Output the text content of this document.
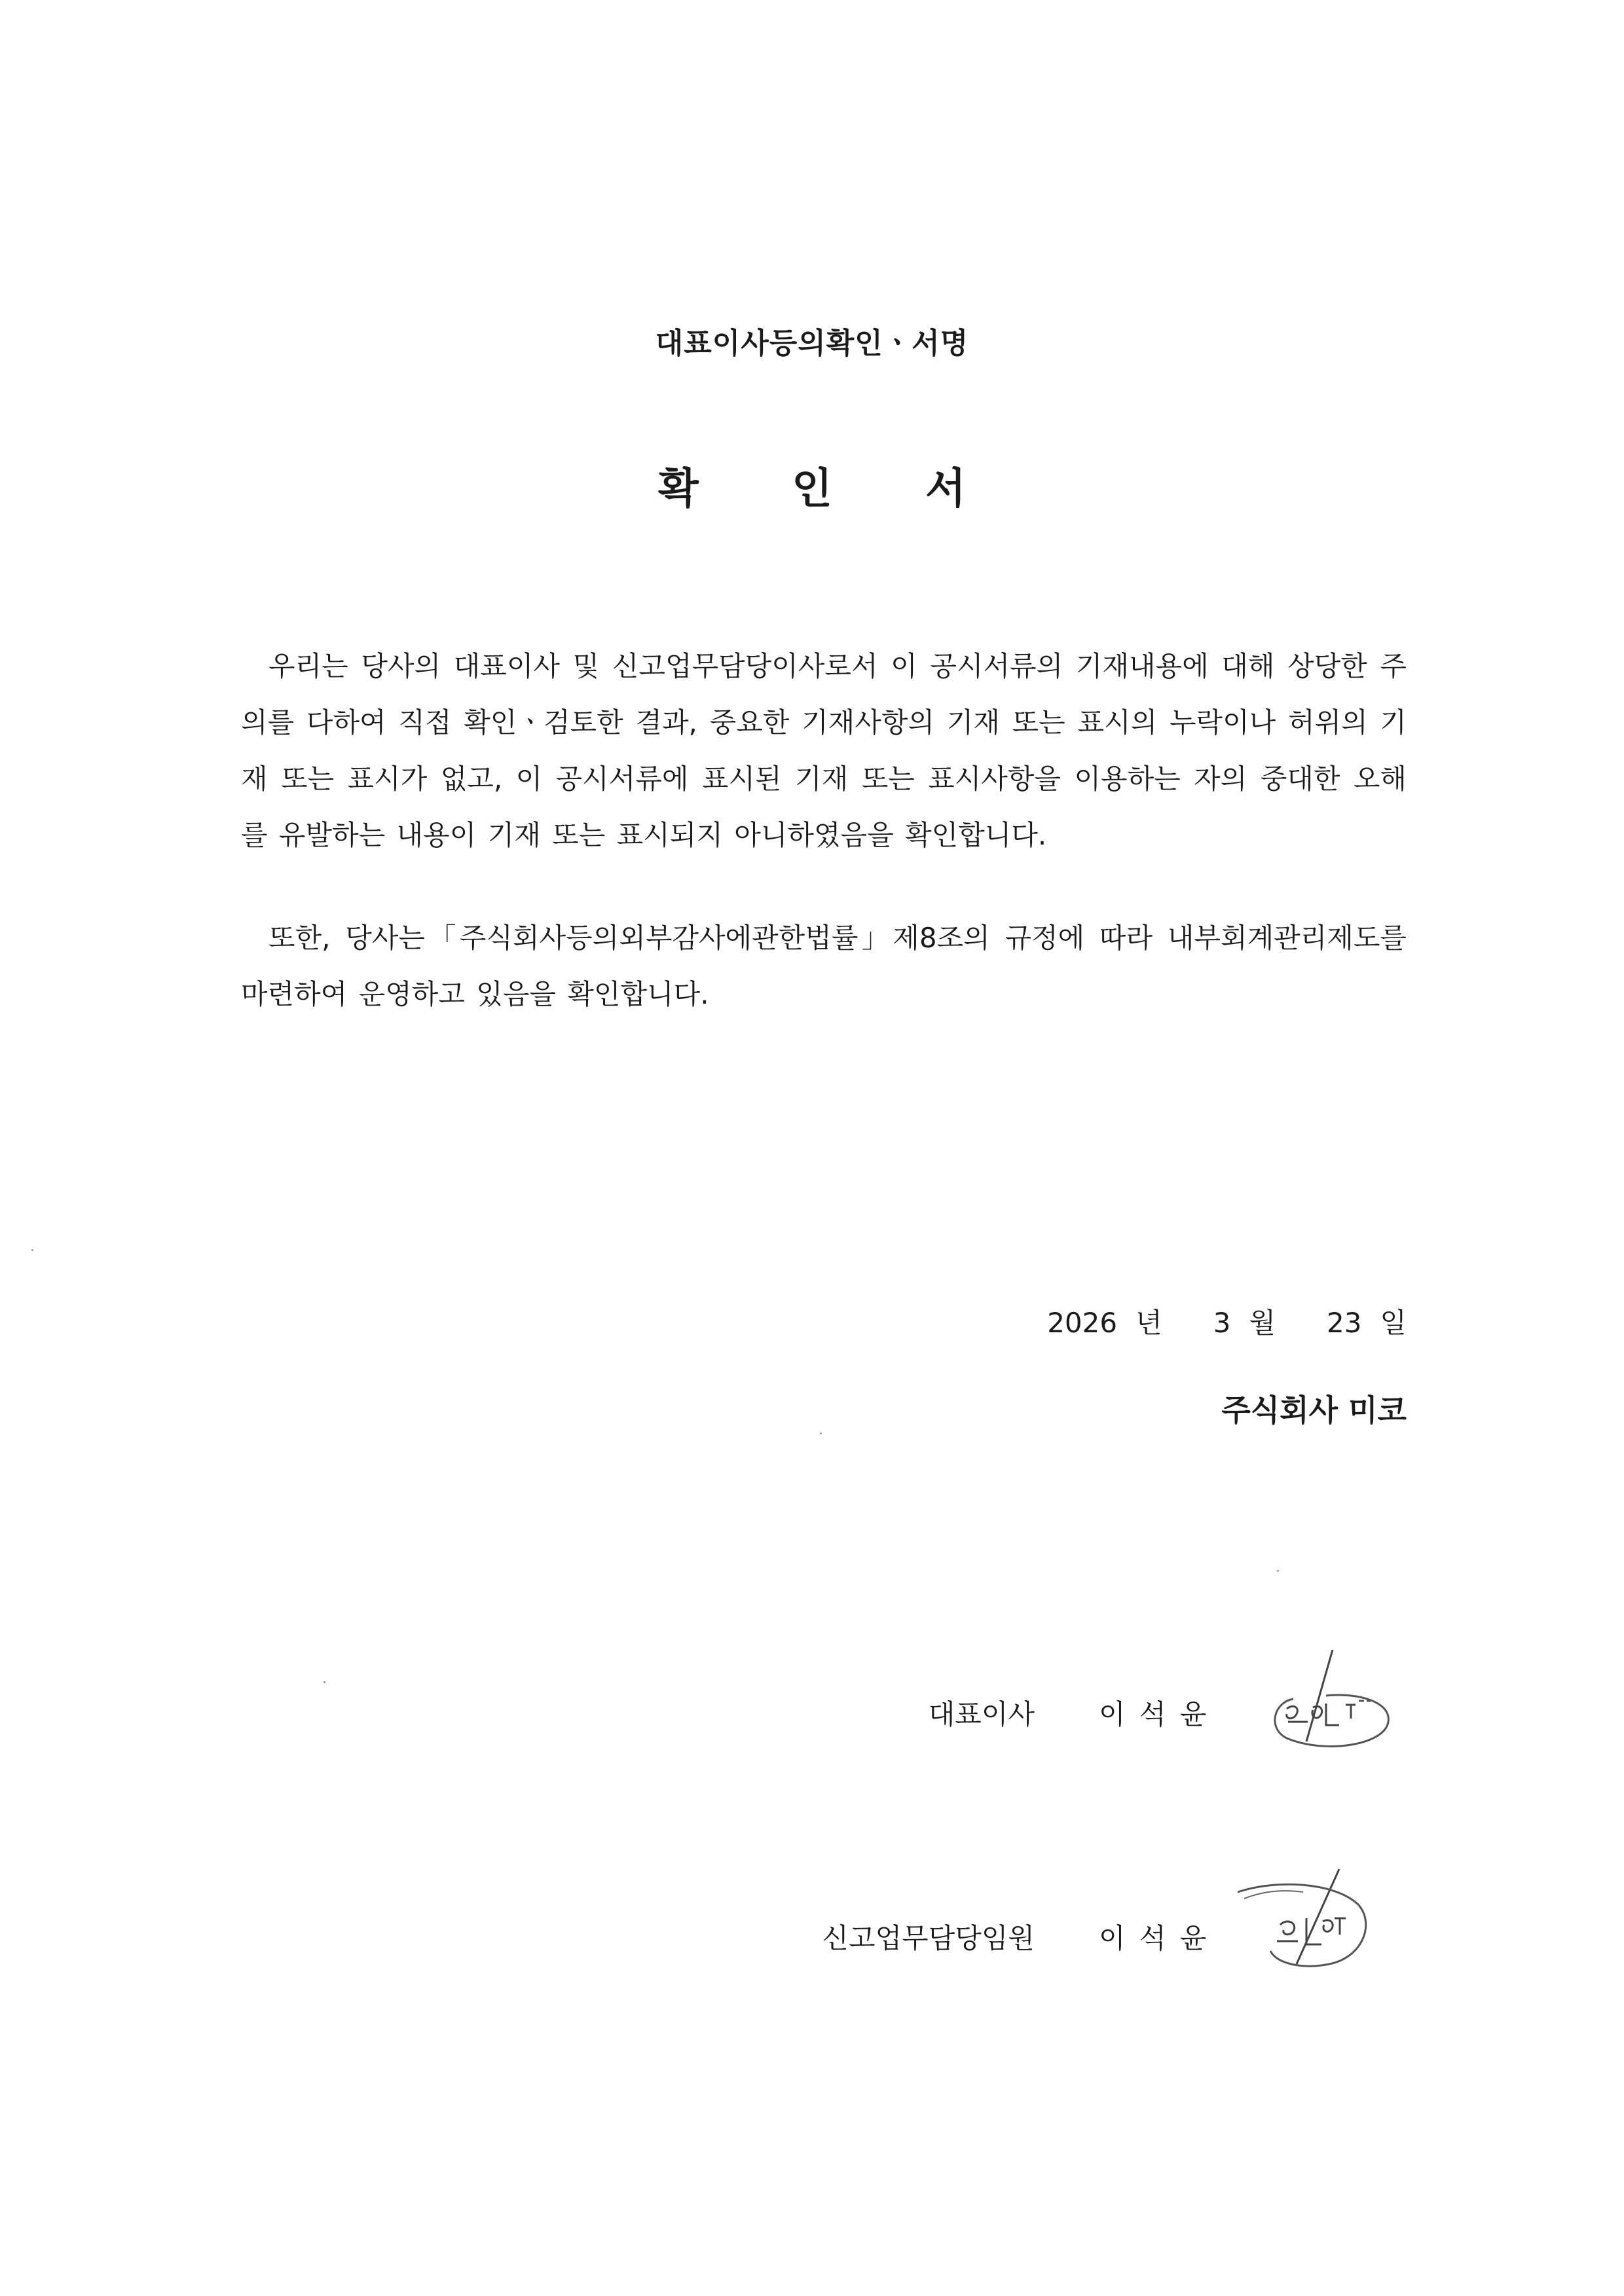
대표이사등의확인ㆍ서명
확 인 서
우리는 당사의 대표이사 및 신고업무담당이사로서 이 공시서류의 기재내용에 대해 상당한 주의를 다하여 직접 확인ㆍ검토한 결과, 중요한 기재사항의 기재 또는 표시의 누락이나 허위의 기재 또는 표시가 없고, 이 공시서류에 표시된 기재 또는 표시사항을 이용하는 자의 중대한 오해를 유발하는 내용이 기재 또는 표시되지 아니하였음을 확인합니다.
또한, 당사는「주식회사등의외부감사에관한법률」제8조의 규정에 따라 내부회계관리제도를 마련하여 운영하고 있음을 확인합니다.
2026 년 3 월 23 일
주식회사 미코
대표이사 이 석 윤
신고업무담당임원 이 석 윤
